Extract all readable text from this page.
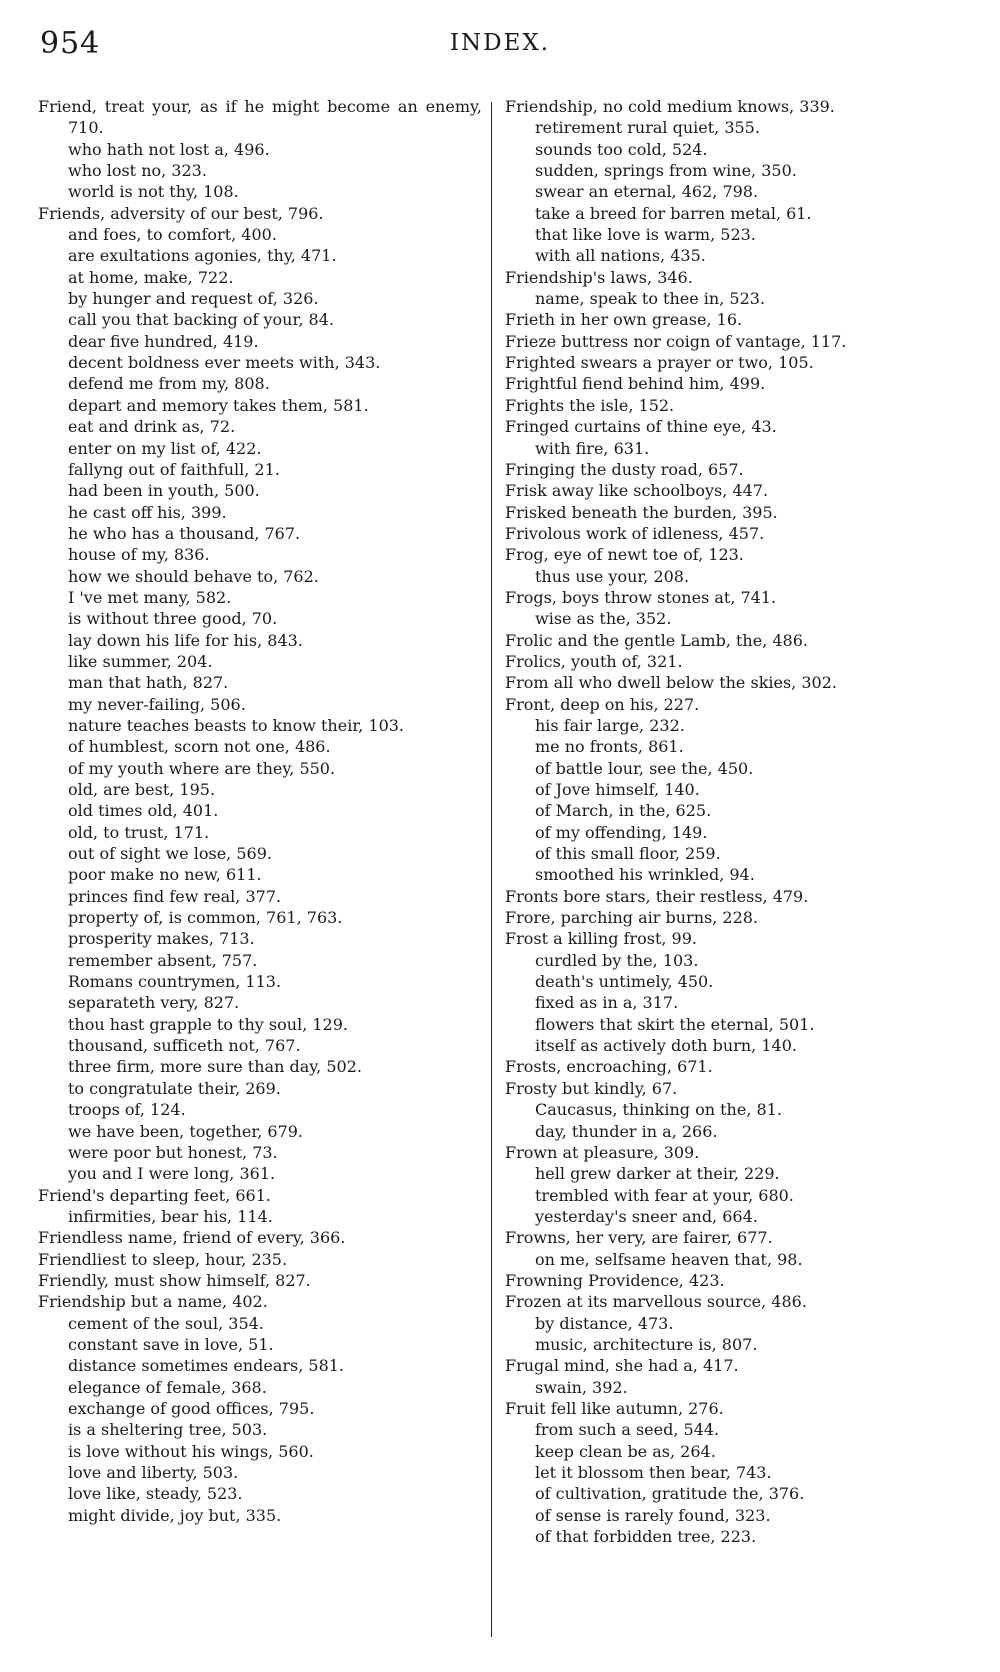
954	INDEX.
Friend, treat your, as if he might become an enemy, 710.
who hath not lost a, 496.
who lost no, 323.
world is not thy, 108.
Friends, adversity of our best, 796.
and foes, to comfort, 400.
are exultations agonies, thy, 471.
at home, make, 722.
by hunger and request of, 326.
call you that backing of your, 84.
dear five hundred, 419.
decent boldness ever meets with, 343.
defend me from my, 808.
depart and memory takes them, 581.
eat and drink as, 72.
enter on my list of, 422.
fallyng out of faithfull, 21.
had been in youth, 500.
he cast off his, 399.
he who has a thousand, 767.
house of my, 836.
how we should behave to, 762.
I 've met many, 582.
is without three good, 70.
lay down his life for his, 843.
like summer, 204.
man that hath, 827.
my never-failing, 506.
nature teaches beasts to know their, 103.
of humblest, scorn not one, 486.
of my youth where are they, 550.
old, are best, 195.
old times old, 401.
old, to trust, 171.
out of sight we lose, 569.
poor make no new, 611.
princes find few real, 377.
property of, is common, 761, 763.
prosperity makes, 713.
remember absent, 757.
Romans countrymen, 113.
separateth very, 827.
thou hast grapple to thy soul, 129.
thousand, sufficeth not, 767.
three firm, more sure than day, 502.
to congratulate their, 269.
troops of, 124.
we have been, together, 679.
were poor but honest, 73.
you and I were long, 361.
Friend's departing feet, 661.
infirmities, bear his, 114.
Friendless name, friend of every, 366.
Friendliest to sleep, hour, 235.
Friendly, must show himself, 827.
Friendship but a name, 402.
cement of the soul, 354.
constant save in love, 51.
distance sometimes endears, 581.
elegance of female, 368.
exchange of good offices, 795.
is a sheltering tree, 503.
is love without his wings, 560.
love and liberty, 503.
love like, steady, 523.
might divide, joy but, 335.
Friendship, no cold medium knows, 339.
retirement rural quiet, 355.
sounds too cold, 524.
sudden, springs from wine, 350.
swear an eternal, 462, 798.
take a breed for barren metal, 61.
that like love is warm, 523.
with all nations, 435.
Friendship's laws, 346.
name, speak to thee in, 523.
Frieth in her own grease, 16.
Frieze buttress nor coign of vantage, 117.
Frighted swears a prayer or two, 105.
Frightful fiend behind him, 499.
Frights the isle, 152.
Fringed curtains of thine eye, 43.
with fire, 631.
Fringing the dusty road, 657.
Frisk away like schoolboys, 447.
Frisked beneath the burden, 395.
Frivolous work of idleness, 457.
Frog, eye of newt toe of, 123.
thus use your, 208.
Frogs, boys throw stones at, 741.
wise as the, 352.
Frolic and the gentle Lamb, the, 486.
Frolics, youth of, 321.
From all who dwell below the skies, 302.
Front, deep on his, 227.
his fair large, 232.
me no fronts, 861.
of battle lour, see the, 450.
of Jove himself, 140.
of March, in the, 625.
of my offending, 149.
of this small floor, 259.
smoothed his wrinkled, 94.
Fronts bore stars, their restless, 479.
Frore, parching air burns, 228.
Frost a killing frost, 99.
curdled by the, 103.
death's untimely, 450.
fixed as in a, 317.
flowers that skirt the eternal, 501.
itself as actively doth burn, 140.
Frosts, encroaching, 671.
Frosty but kindly, 67.
Caucasus, thinking on the, 81.
day, thunder in a, 266.
Frown at pleasure, 309.
hell grew darker at their, 229.
trembled with fear at your, 680.
yesterday's sneer and, 664.
Frowns, her very, are fairer, 677.
on me, selfsame heaven that, 98.
Frowning Providence, 423.
Frozen at its marvellous source, 486.
by distance, 473.
music, architecture is, 807.
Frugal mind, she had a, 417.
swain, 392.
Fruit fell like autumn, 276.
from such a seed, 544.
keep clean be as, 264.
let it blossom then bear, 743.
of cultivation, gratitude the, 376.
of sense is rarely found, 323.
of that forbidden tree, 223.
